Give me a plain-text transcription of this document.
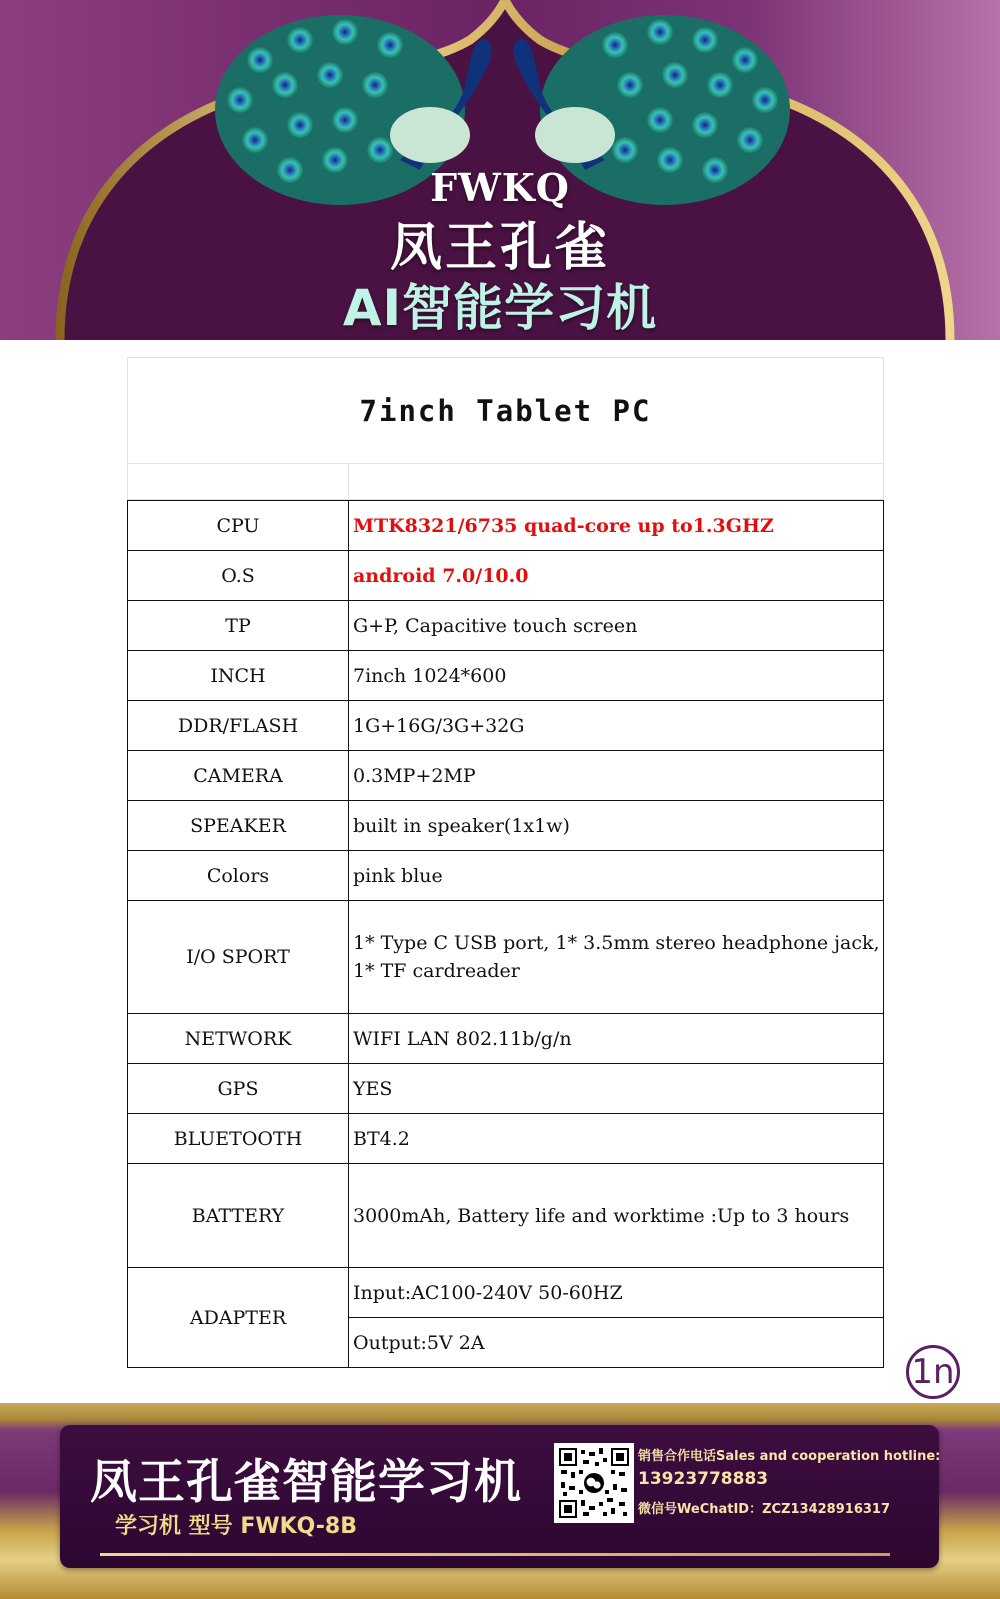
FWKQ
凤王孔雀
AI智能学习机
7inch Tablet PC
CPU	MTK8321/6735 quad-core up to1.3GHZ
O.S	android 7.0/10.0
TP	G+P, Capacitive touch screen
INCH	7inch 1024*600
DDR/FLASH	1G+16G/3G+32G
CAMERA	0.3MP+2MP
SPEAKER	built in speaker(1x1w)
Colors	pink blue
I/O SPORT	1* Type C USB port, 1* 3.5mm stereo headphone jack,
1* TF cardreader

NETWORK	WIFI LAN 802.11b/g/n
GPS	YES
BLUETOOTH	BT4.2
BATTERY	3000mAh, Battery life and worktime :Up to 3 hours
ADAPTER	Input:AC100-240V 50-60HZ
	Output:5V 2A
1n
凤王孔雀智能学习机
学习机 型号 FWKQ-8B
销售合作电话Sales and cooperation hotline:
13923778883
微信号WeChatID：ZCZ13428916317
